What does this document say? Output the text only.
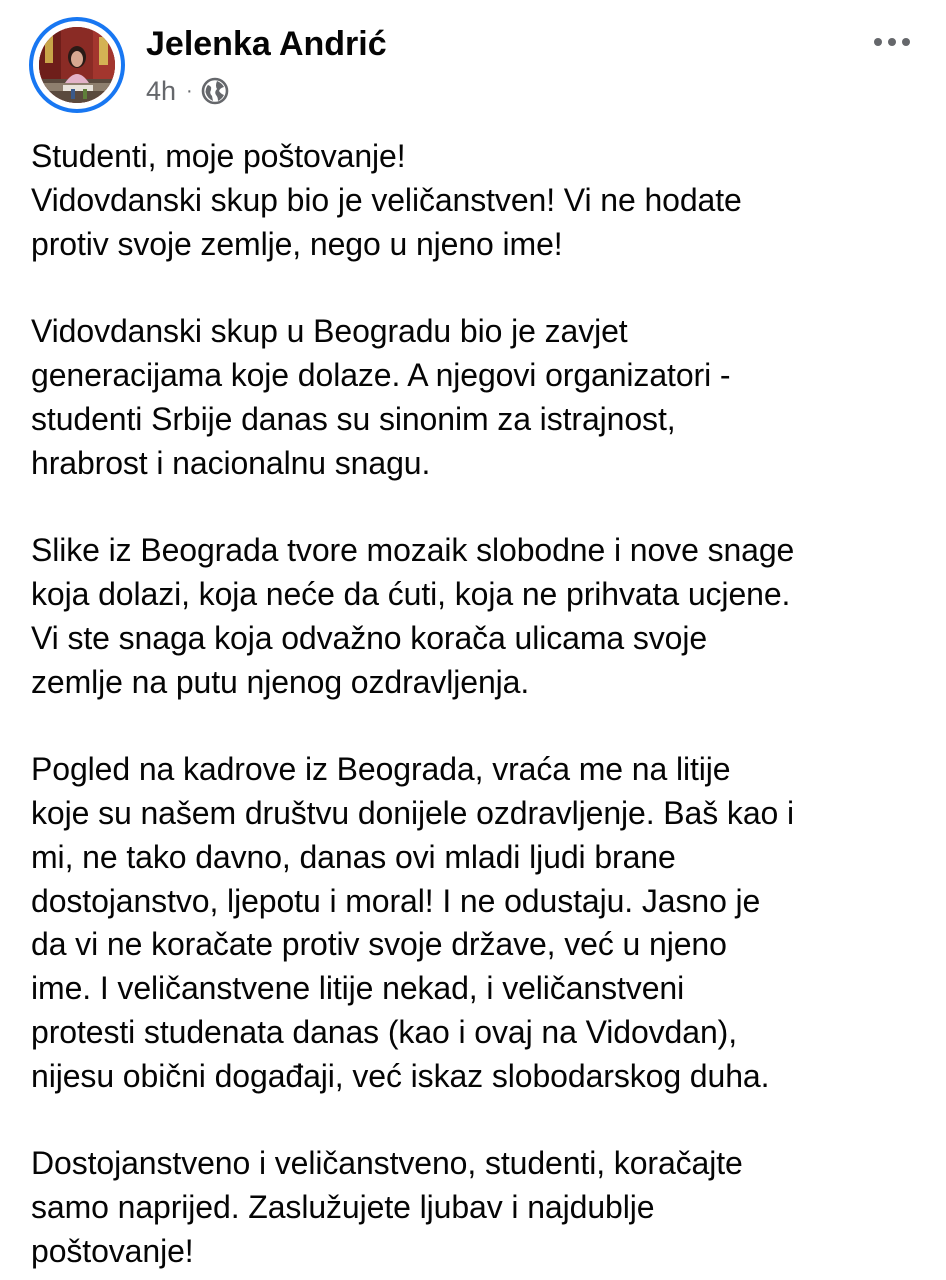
Jelenka Andrić
4h ·
Studenti, moje poštovanje!
Vidovdanski skup bio je veličanstven! Vi ne hodate
protiv svoje zemlje, nego u njeno ime!
Vidovdanski skup u Beogradu bio je zavjet
generacijama koje dolaze. A njegovi organizatori -
studenti Srbije danas su sinonim za istrajnost,
hrabrost i nacionalnu snagu.
Slike iz Beograda tvore mozaik slobodne i nove snage
koja dolazi, koja neće da ćuti, koja ne prihvata ucjene.
Vi ste snaga koja odvažno korača ulicama svoje
zemlje na putu njenog ozdravljenja.
Pogled na kadrove iz Beograda, vraća me na litije
koje su našem društvu donijele ozdravljenje. Baš kao i
mi, ne tako davno, danas ovi mladi ljudi brane
dostojanstvo, ljepotu i moral! I ne odustaju. Jasno je
da vi ne koračate protiv svoje države, već u njeno
ime. I veličanstvene litije nekad, i veličanstveni
protesti studenata danas (kao i ovaj na Vidovdan),
nijesu obični događaji, već iskaz slobodarskog duha.
Dostojanstveno i veličanstveno, studenti, koračajte
samo naprijed. Zaslužujete ljubav i najdublje
poštovanje!
